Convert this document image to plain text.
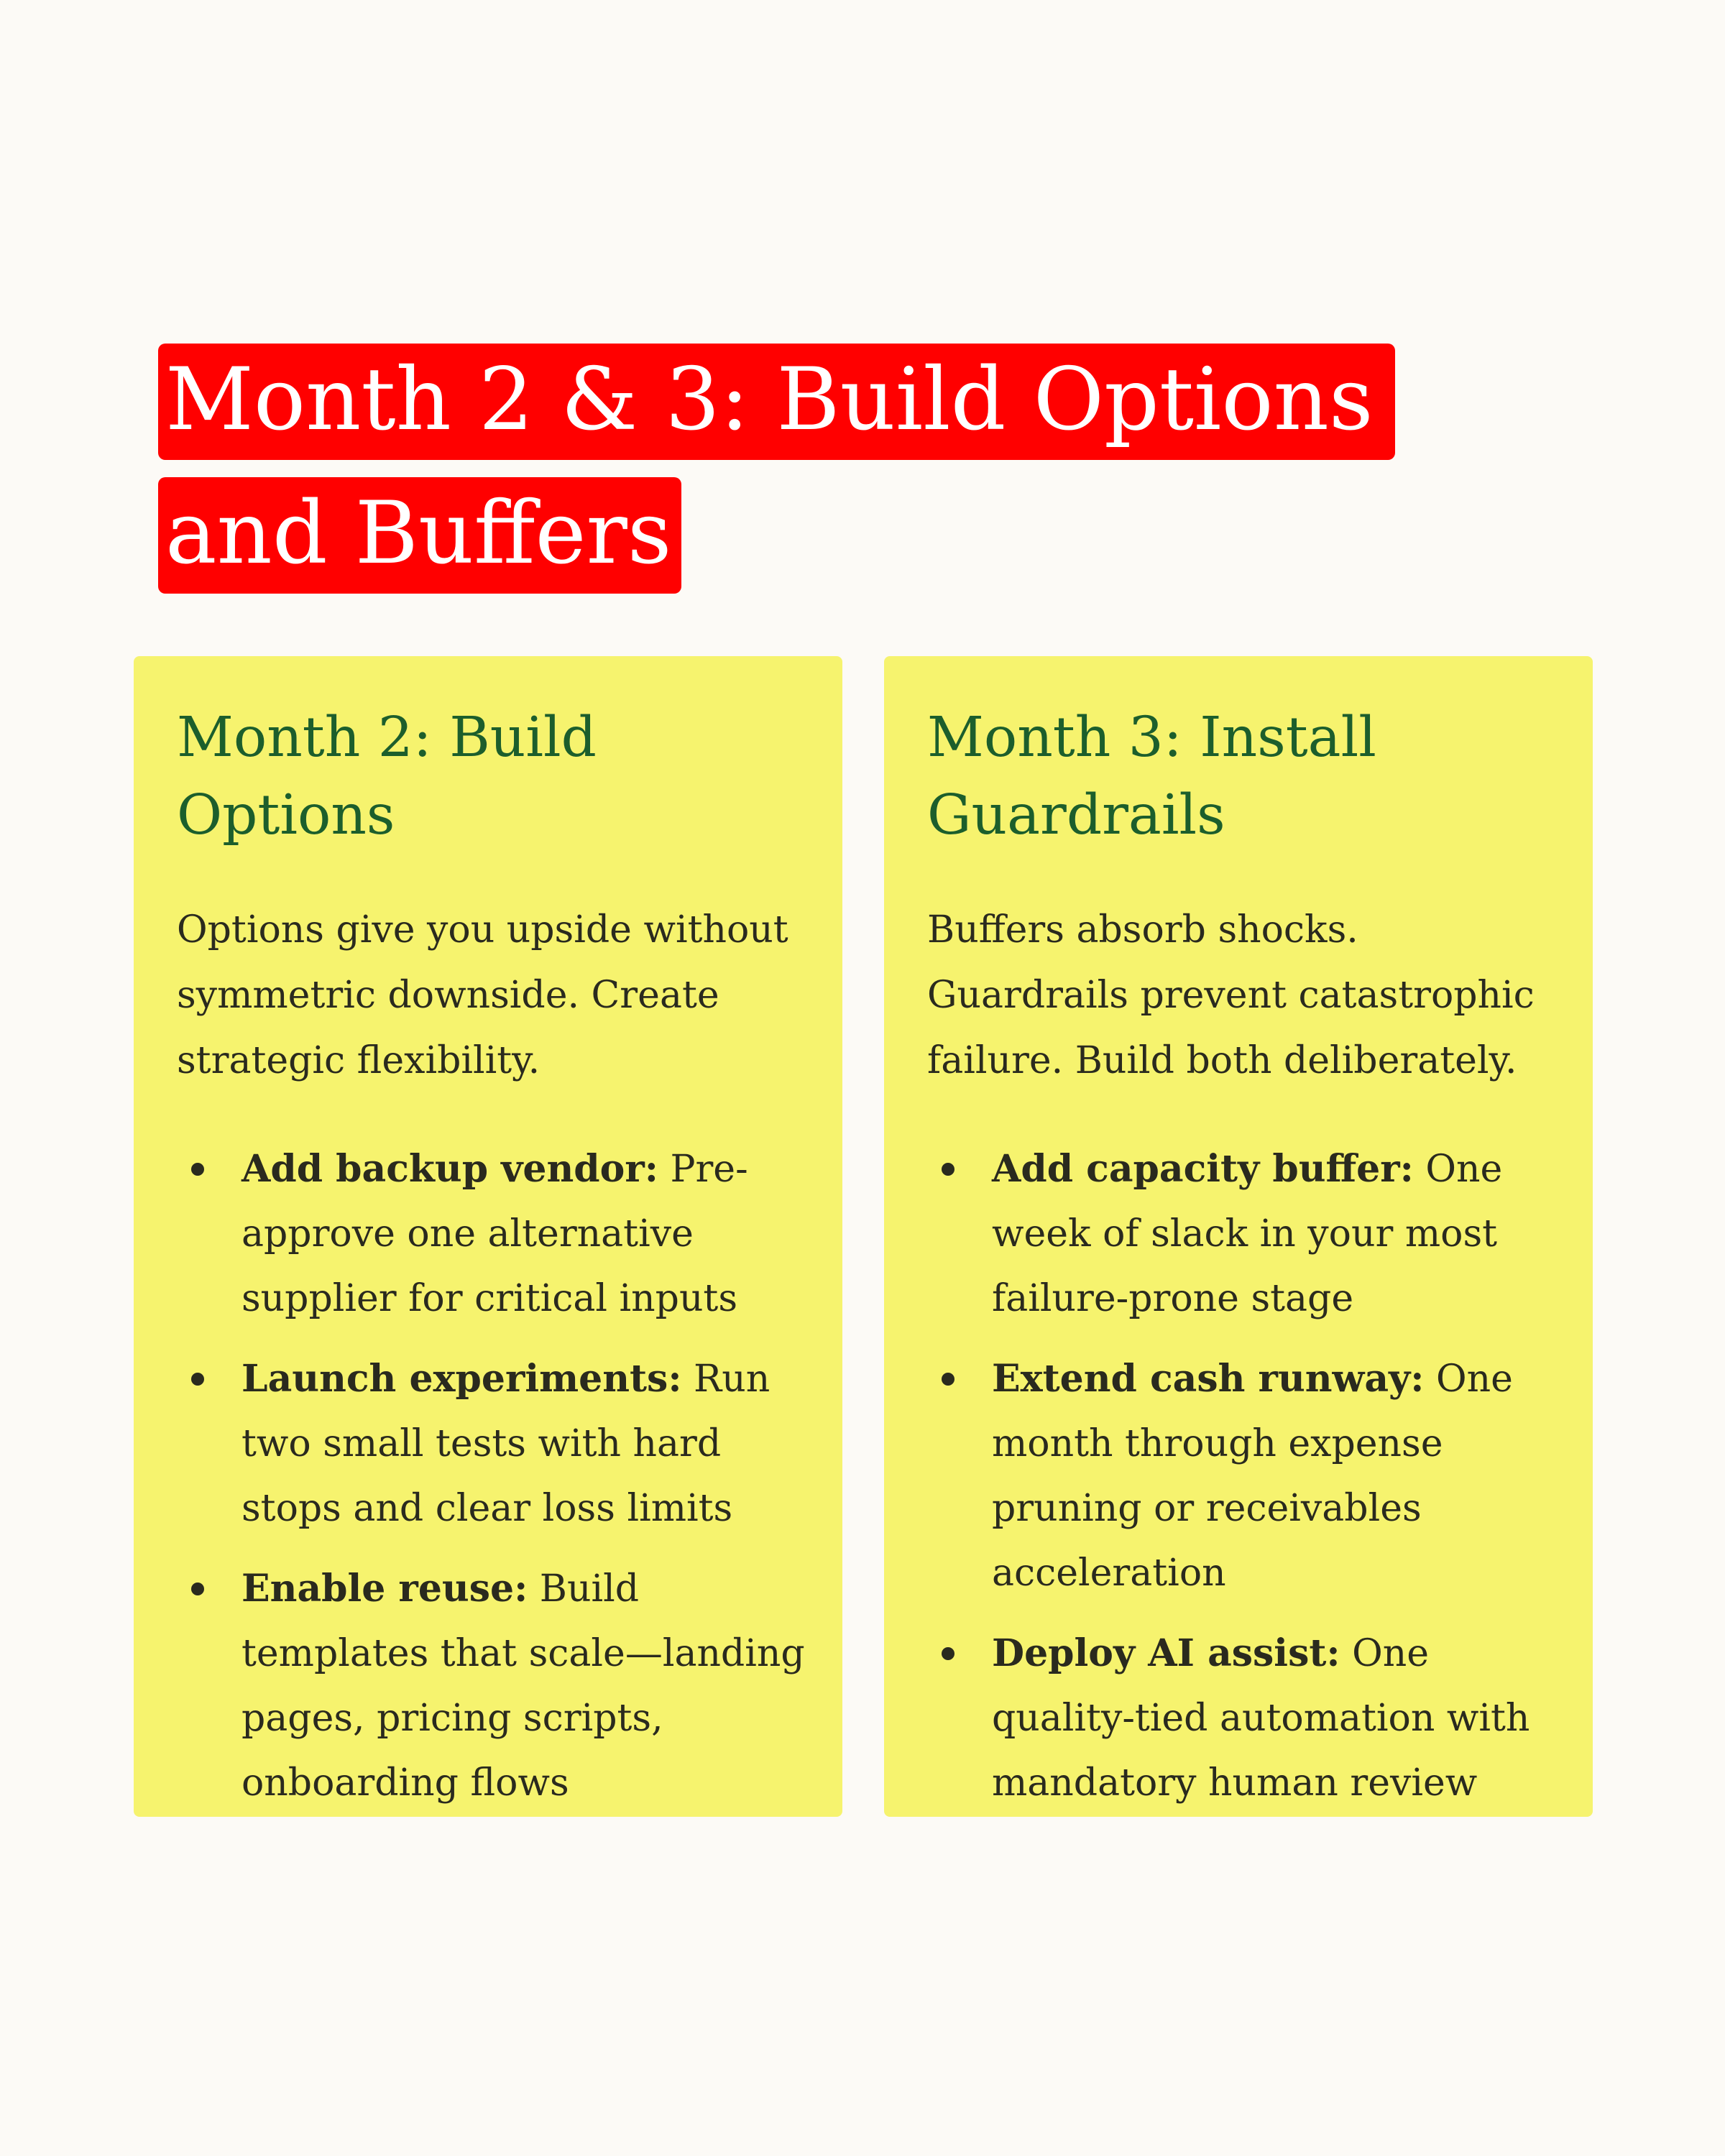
Month 2 & 3: Build Options
and Buffers
Month 2: Build Options

Options give you upside without symmetric downside. Create strategic flexibility.

Add backup vendor: Pre-approve one alternative supplier for critical inputs
Launch experiments: Run two small tests with hard stops and clear loss limits
Enable reuse: Build templates that scale—landing pages, pricing scripts, onboarding flows
Month 3: Install Guardrails

Buffers absorb shocks. Guardrails prevent catastrophic failure. Build both deliberately.

Add capacity buffer: One week of slack in your most failure-prone stage
Extend cash runway: One month through expense pruning or receivables acceleration
Deploy AI assist: One quality-tied automation with mandatory human review
